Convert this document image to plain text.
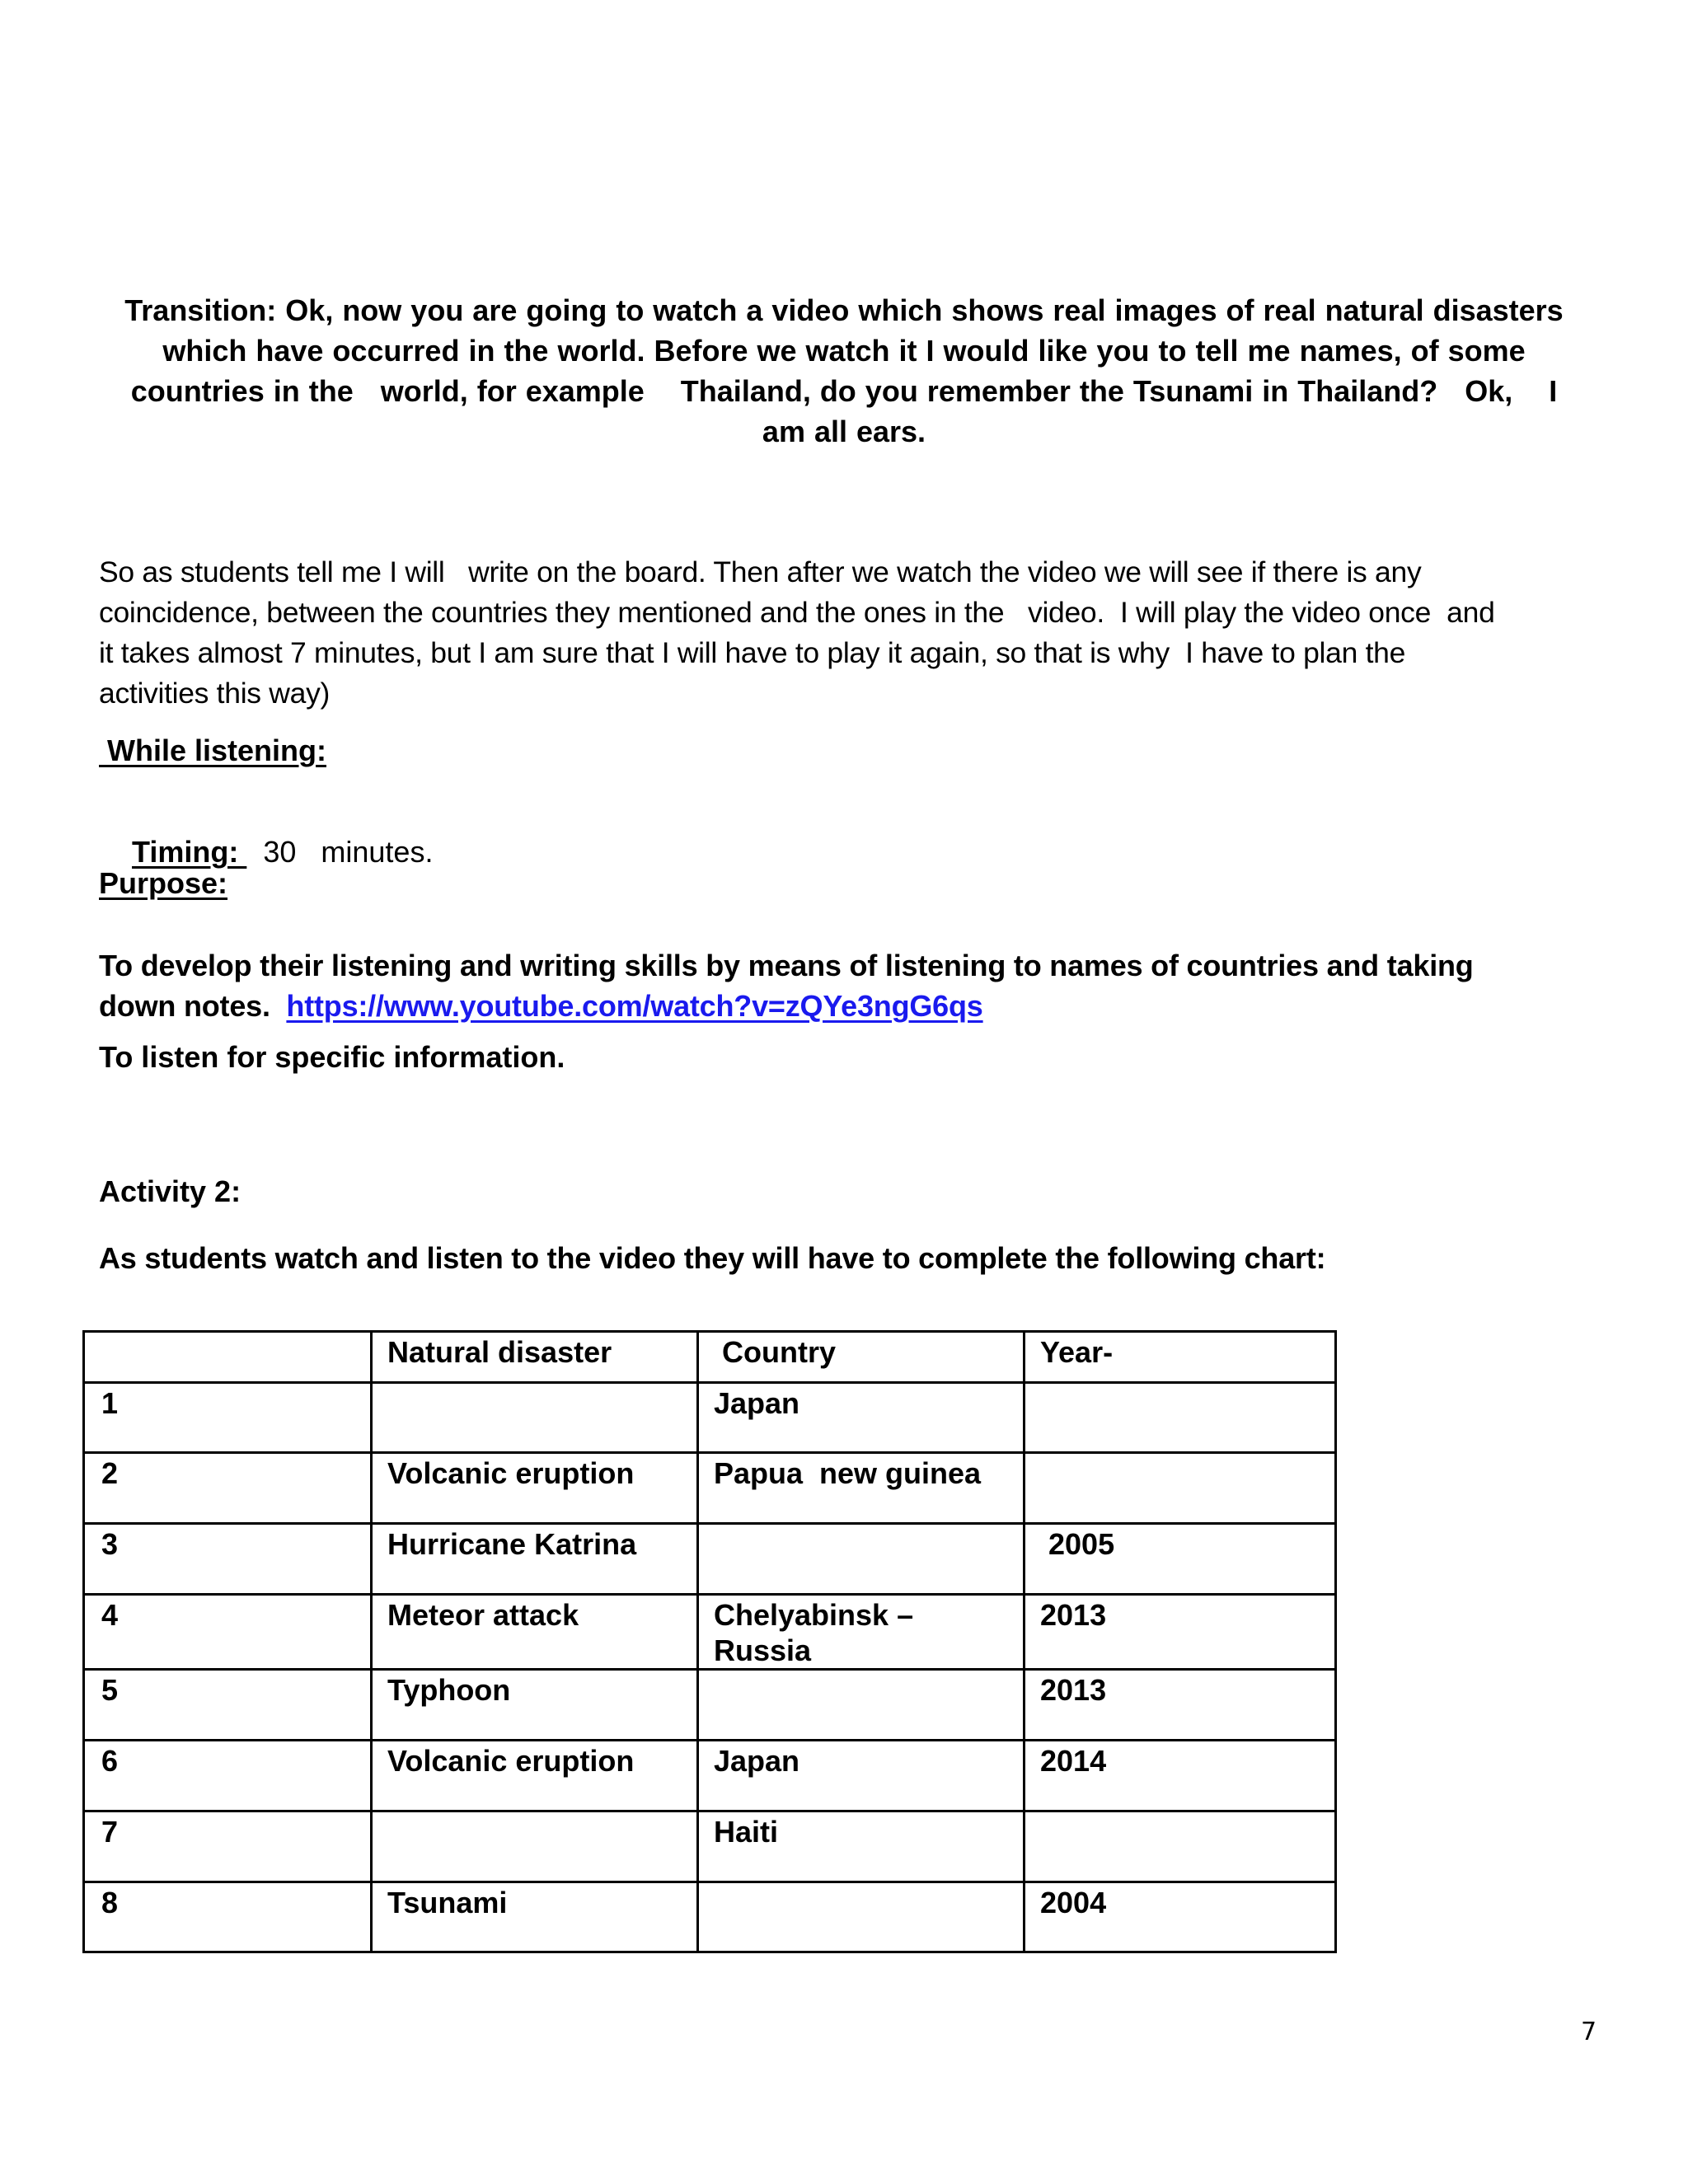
Transition: Ok, now you are going to watch a video which shows real images of real natural disasters
which have occurred in the world. Before we watch it I would like you to tell me names, of some
countries in the   world, for example    Thailand, do you remember the Tsunami in Thailand?   Ok,    I
am all ears.
So as students tell me I will   write on the board. Then after we watch the video we will see if there is any
coincidence, between the countries they mentioned and the ones in the   video.  I will play the video once  and
it takes almost 7 minutes, but I am sure that I will have to play it again, so that is why  I have to plan the
activities this way)
While listening:

Timing:   30   minutes.

Purpose:
To develop their listening and writing skills by means of listening to names of countries and taking
down notes.  https://www.youtube.com/watch?v=zQYe3ngG6qs
To listen for specific information.
Activity 2:
As students watch and listen to the video they will have to complete the following chart:
	Natural disaster	Country	Year-
1		Japan	
2	Volcanic eruption	Papua  new guinea	
3	Hurricane Katrina		2005
4	Meteor attack	Chelyabinsk –
Russia	2013
5	Typhoon		2013
6	Volcanic eruption	Japan	2014
7		Haiti	
8	Tsunami		2004
7
